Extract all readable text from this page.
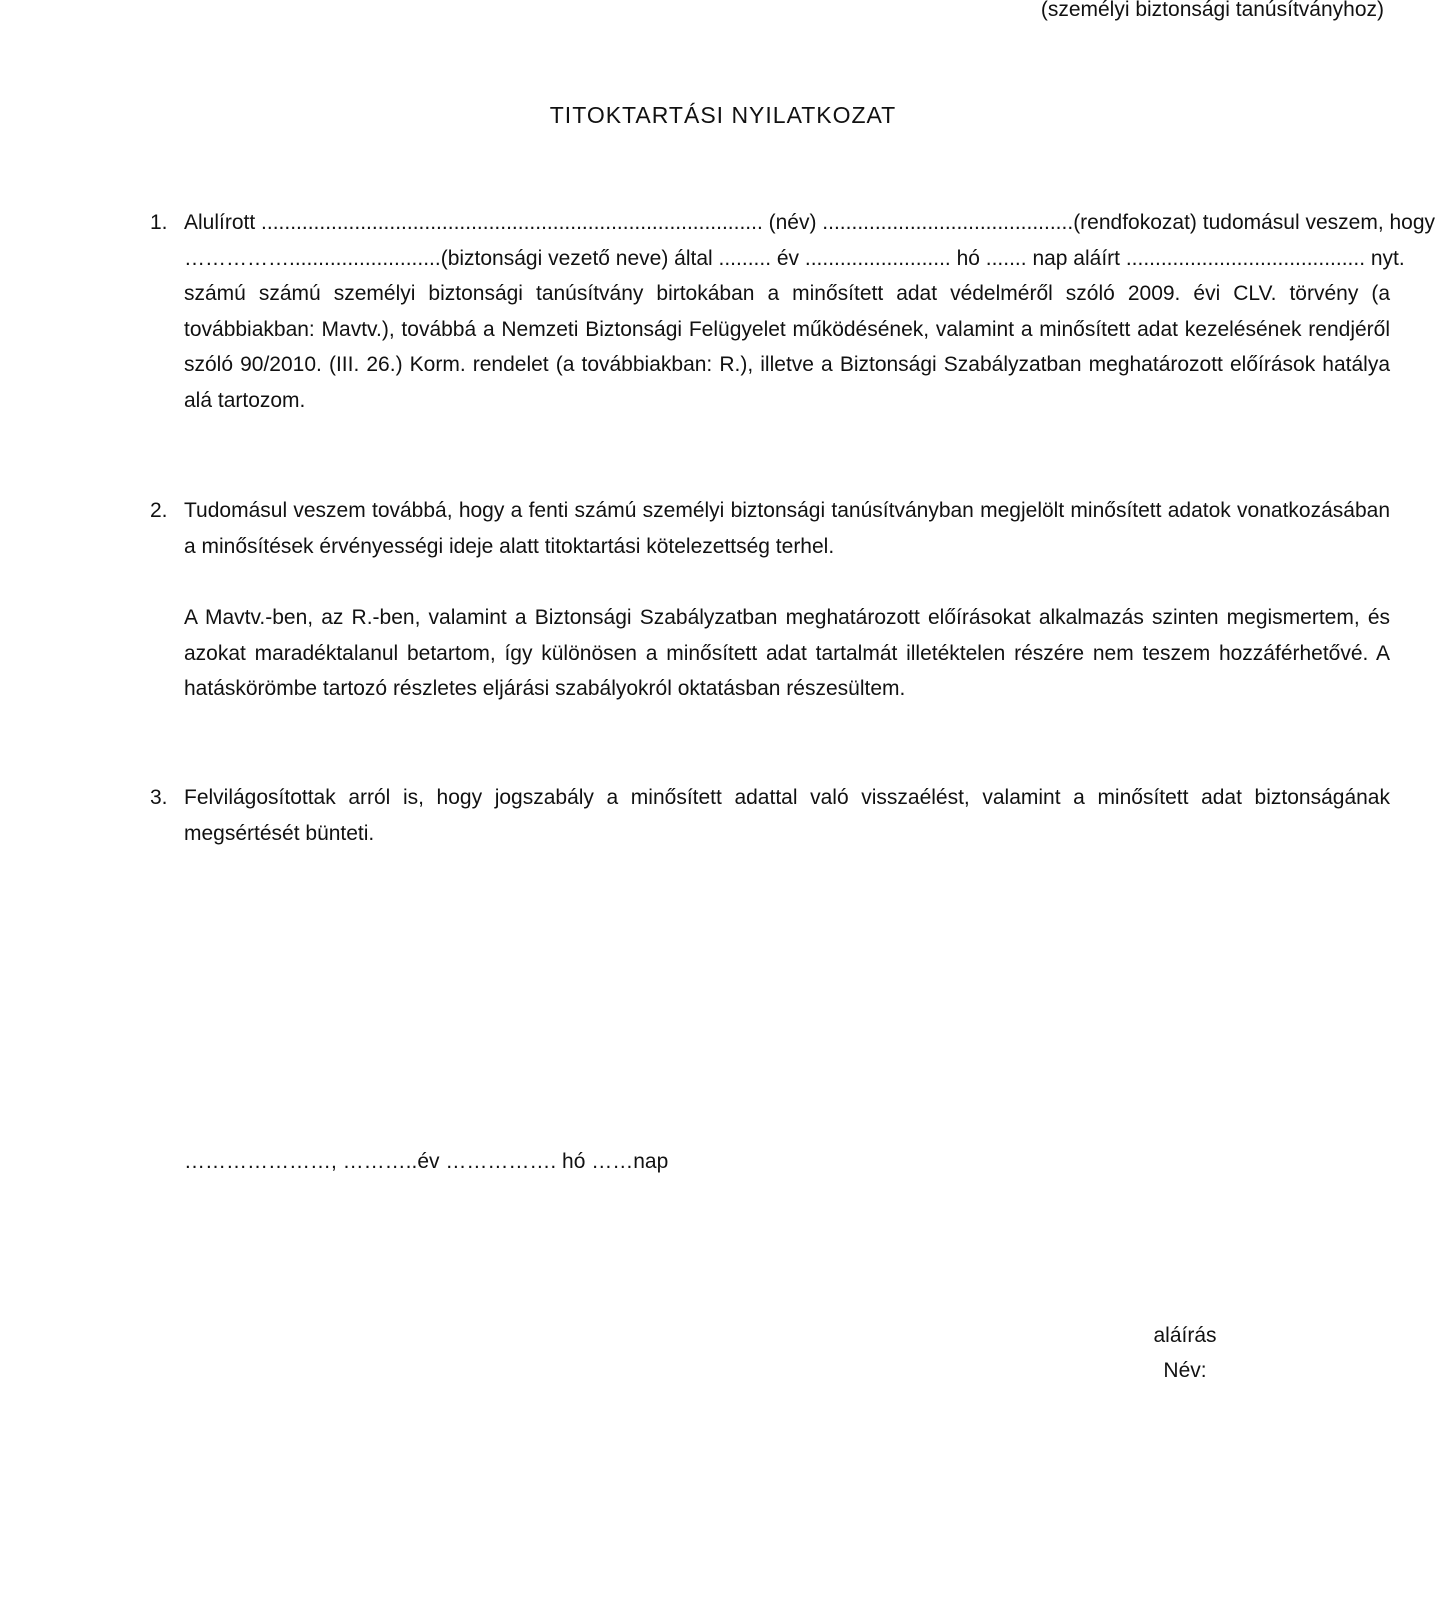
(személyi biztonsági tanúsítványhoz)
TITOKTARTÁSI NYILATKOZAT
1. Alulírott ...................................................................................... (név) ...........................................(rendfokozat) tudomásul veszem, hogy
……………..........................(biztonsági vezető neve) által ......... év ......................... hó ....... nap aláírt ......................................... nyt.

számú számú személyi biztonsági tanúsítvány birtokában a minősített adat védelméről szóló 2009. évi CLV. törvény (a továbbiakban: Mavtv.), továbbá a Nemzeti Biztonsági Felügyelet működésének, valamint a minősített adat kezelésének rendjéről szóló 90/2010. (III. 26.) Korm. rendelet (a továbbiakban: R.), illetve a Biztonsági Szabályzatban meghatározott előírások hatálya alá tartozom.

2. Tudomásul veszem továbbá, hogy a fenti számú személyi biztonsági tanúsítványban megjelölt minősített adatok vonatkozásában a minősítések érvényességi ideje alatt titoktartási kötelezettség terhel.

A Mavtv.-ben, az R.-ben, valamint a Biztonsági Szabályzatban meghatározott előírásokat alkalmazás szinten megismertem, és azokat maradéktalanul betartom, így különösen a minősített adat tartalmát illetéktelen részére nem teszem hozzáférhetővé. A hatáskörömbe tartozó részletes eljárási szabályokról oktatásban részesültem.

3. Felvilágosítottak arról is, hogy jogszabály a minősített adattal való visszaélést, valamint a minősített adat biztonságának megsértését bünteti.

…………………, ………..év ……………. hó ……nap
aláírás
Név:
